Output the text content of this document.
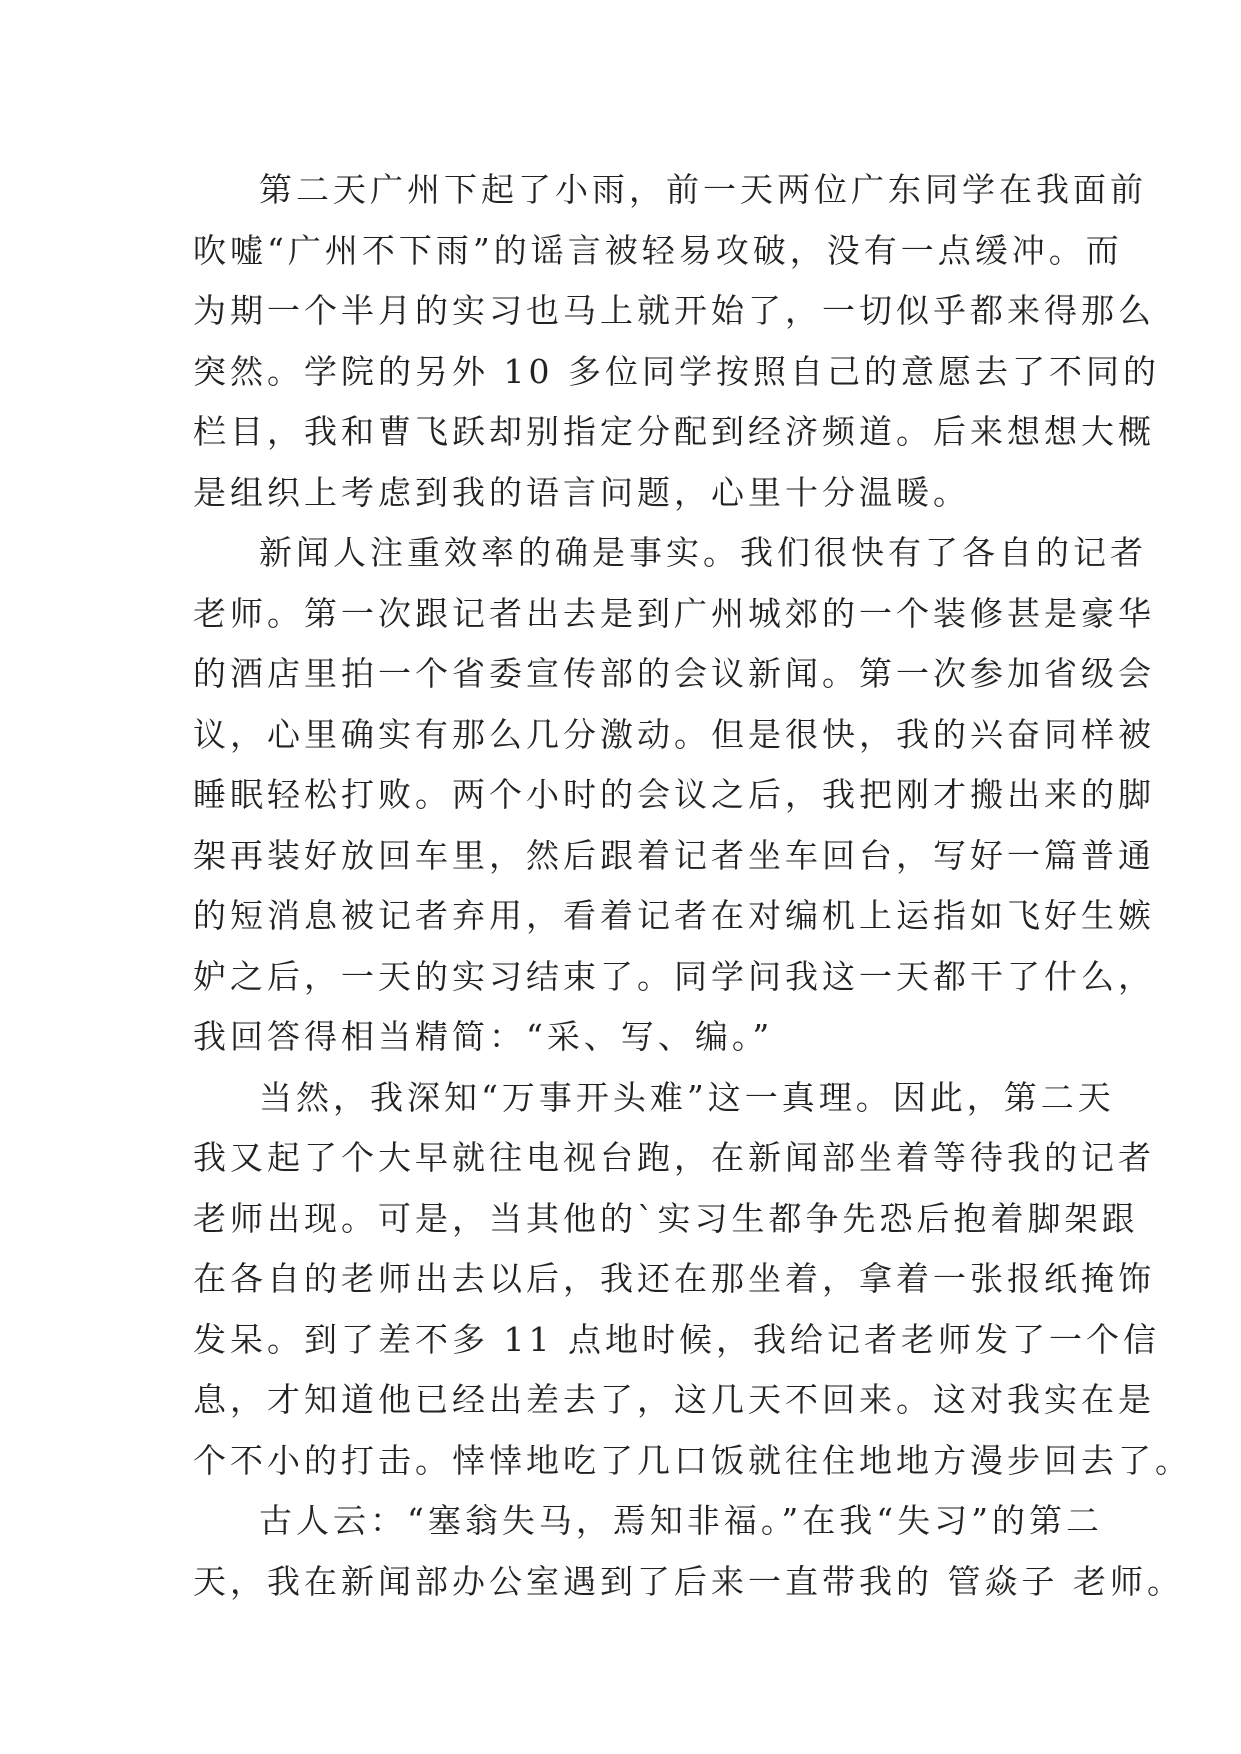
第二天广州下起了小雨，前一天两位广东同学在我面前
吹嘘“广州不下雨”的谣言被轻易攻破，没有一点缓冲。而
为期一个半月的实习也马上就开始了，一切似乎都来得那么
突然。学院的另外 10 多位同学按照自己的意愿去了不同的
栏目，我和曹飞跃却别指定分配到经济频道。后来想想大概
是组织上考虑到我的语言问题，心里十分温暖。
新闻人注重效率的确是事实。我们很快有了各自的记者
老师。第一次跟记者出去是到广州城郊的一个装修甚是豪华
的酒店里拍一个省委宣传部的会议新闻。第一次参加省级会
议，心里确实有那么几分激动。但是很快，我的兴奋同样被
睡眠轻松打败。两个小时的会议之后，我把刚才搬出来的脚
架再装好放回车里，然后跟着记者坐车回台，写好一篇普通
的短消息被记者弃用，看着记者在对编机上运指如飞好生嫉
妒之后，一天的实习结束了。同学问我这一天都干了什么，
我回答得相当精简：“采、写、编。”
当然，我深知“万事开头难”这一真理。因此，第二天
我又起了个大早就往电视台跑，在新闻部坐着等待我的记者
老师出现。可是，当其他的`实习生都争先恐后抱着脚架跟
在各自的老师出去以后，我还在那坐着，拿着一张报纸掩饰
发呆。到了差不多 11 点地时候，我给记者老师发了一个信
息，才知道他已经出差去了，这几天不回来。这对我实在是
个不小的打击。悻悻地吃了几口饭就往住地地方漫步回去了。
古人云：“塞翁失马，焉知非福。”在我“失习”的第二
天，我在新闻部办公室遇到了后来一直带我的 管焱子 老师。
